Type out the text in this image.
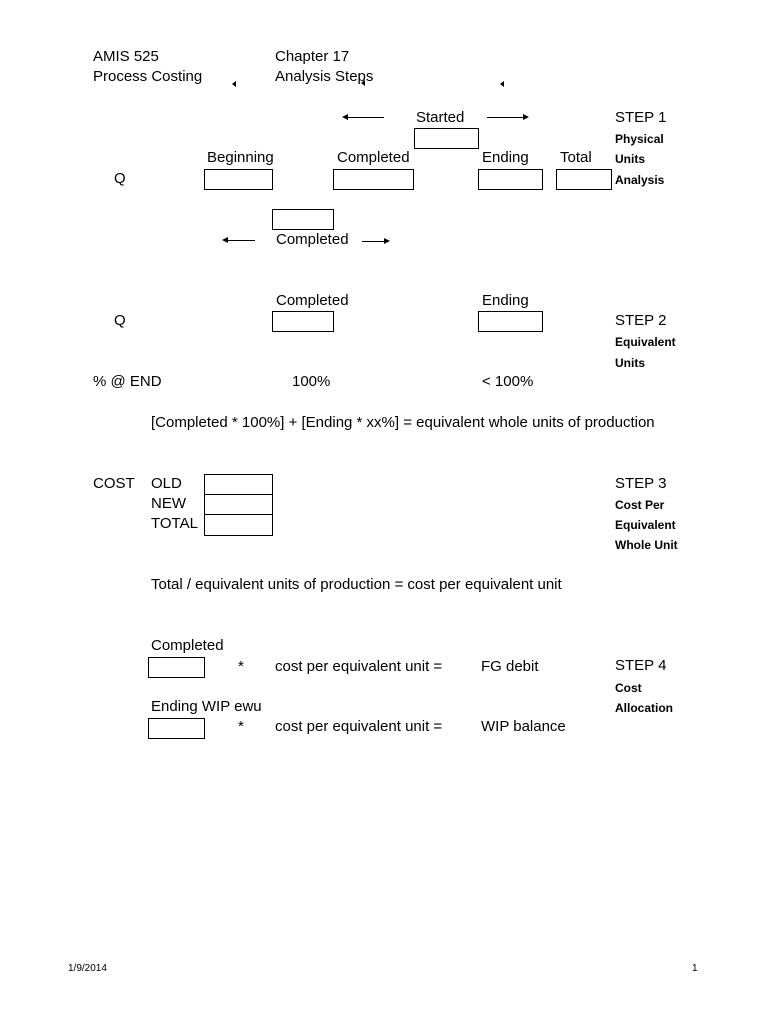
AMIS 525
Process Costing
Chapter 17
Analysis Steps
Started
Beginning	Completed	Ending Total
Q
STEP 1
Physical
Units
Analysis
Completed
Completed	Ending
Q	STEP 2
Equivalent
Units
% @ END	100%	< 100%
[Completed * 100%] + [Ending * xx%] = equivalent whole units of production
COST OLD
NEW
TOTAL
STEP 3
Cost Per
Equivalent
Whole Unit
Total / equivalent units of production = cost per equivalent unit
Completed
* cost per equivalent unit =	FG debit	STEP 4
Cost
Allocation
Ending WIP ewu
* cost per equivalent unit =	WIP balance
1/9/2014	1
